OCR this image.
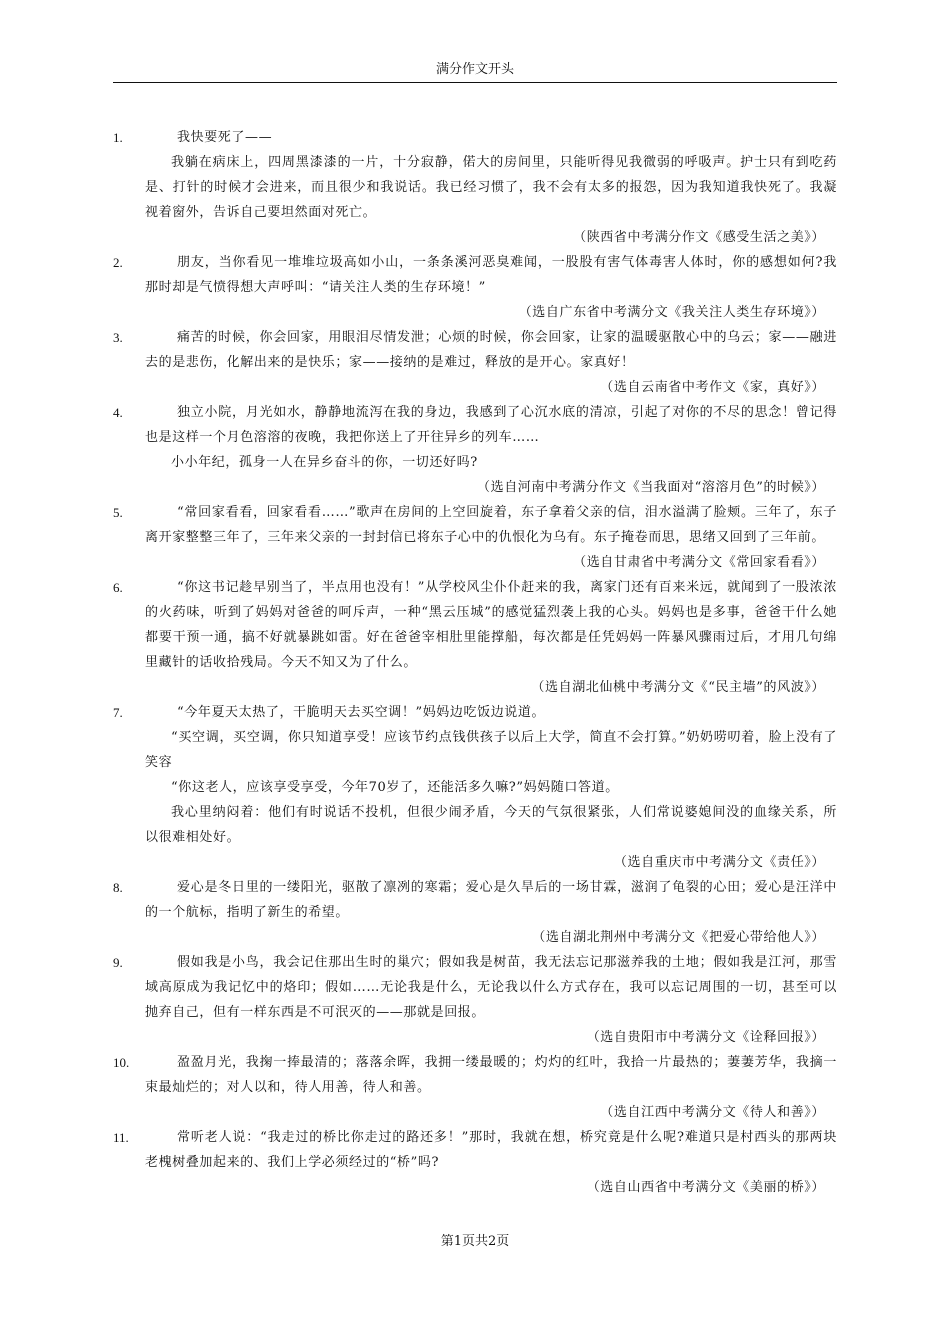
满分作文开头
1.	我快要死了——

我躺在病床上，四周黑漆漆的一片，十分寂静，偌大的房间里，只能听得见我微弱的呼吸声。护士只有到吃药是、打针的时候才会进来，而且很少和我说话。我已经习惯了，我不会有太多的报怨，因为我知道我快死了。我凝视着窗外，告诉自己要坦然面对死亡。

（陕西省中考满分作文《感受生活之美》）
2.	朋友，当你看见一堆堆垃圾高如小山，一条条溪河恶臭难闻，一股股有害气体毒害人体时，你的感想如何?我那时却是气愤得想大声呼叫：“请关注人类的生存环境！”

（选自广东省中考满分文《我关注人类生存环境》）
3.	痛苦的时候，你会回家，用眼泪尽情发泄；心烦的时候，你会回家，让家的温暖驱散心中的乌云；家——融进去的是悲伤，化解出来的是快乐；家——接纳的是难过，释放的是开心。家真好！

（选自云南省中考作文《家，真好》）
4.	独立小院，月光如水，静静地流泻在我的身边，我感到了心沉水底的清凉，引起了对你的不尽的思念！曾记得也是这样一个月色溶溶的夜晚，我把你送上了开往异乡的列车……

小小年纪，孤身一人在异乡奋斗的你，一切还好吗?

（选自河南中考满分作文《当我面对“溶溶月色”的时候》）
5.	“常回家看看，回家看看……”歌声在房间的上空回旋着，东子拿着父亲的信，泪水溢满了脸颊。三年了，东子离开家整整三年了，三年来父亲的一封封信已将东子心中的仇恨化为乌有。东子掩卷而思，思绪又回到了三年前。

（选自甘肃省中考满分文《常回家看看》）
6.	“你这书记趁早别当了，半点用也没有！”从学校风尘仆仆赶来的我，离家门还有百来米远，就闻到了一股浓浓的火药味，听到了妈妈对爸爸的呵斥声，一种“黑云压城”的感觉猛烈袭上我的心头。妈妈也是多事，爸爸干什么她都要干预一通，搞不好就暴跳如雷。好在爸爸宰相肚里能撑船，每次都是任凭妈妈一阵暴风骤雨过后，才用几句绵里藏针的话收拾残局。今天不知又为了什么。

（选自湖北仙桃中考满分文《“民主墙”的风波》）
7.	“今年夏天太热了，干脆明天去买空调！”妈妈边吃饭边说道。

“买空调，买空调，你只知道享受！应该节约点钱供孩子以后上大学，简直不会打算。”奶奶唠叨着，脸上没有了笑容

“你这老人，应该享受享受，今年70岁了，还能活多久嘛?”妈妈随口答道。

我心里纳闷着：他们有时说话不投机，但很少闹矛盾，今天的气氛很紧张，人们常说婆媳间没的血缘关系，所以很难相处好。

（选自重庆市中考满分文《责任》）
8.	爱心是冬日里的一缕阳光，驱散了凛冽的寒霜；爱心是久旱后的一场甘霖，滋润了龟裂的心田；爱心是汪洋中的一个航标，指明了新生的希望。

（选自湖北荆州中考满分文《把爱心带给他人》）
9.	假如我是小鸟，我会记住那出生时的巢穴；假如我是树苗，我无法忘记那滋养我的土地；假如我是江河，那雪域高原成为我记忆中的烙印；假如……无论我是什么，无论我以什么方式存在，我可以忘记周围的一切，甚至可以抛弃自己，但有一样东西是不可泯灭的——那就是回报。

（选自贵阳市中考满分文《诠释回报》）
10.	盈盈月光，我掬一捧最清的；落落余晖，我拥一缕最暖的；灼灼的红叶，我拾一片最热的；萋萋芳华，我摘一束最灿烂的；对人以和，待人用善，待人和善。

（选自江西中考满分文《待人和善》）
11.	常听老人说：“我走过的桥比你走过的路还多！”那时，我就在想，桥究竟是什么呢?难道只是村西头的那两块老槐树叠加起来的、我们上学必须经过的“桥”吗?

（选自山西省中考满分文《美丽的桥》）
第1页共2页
